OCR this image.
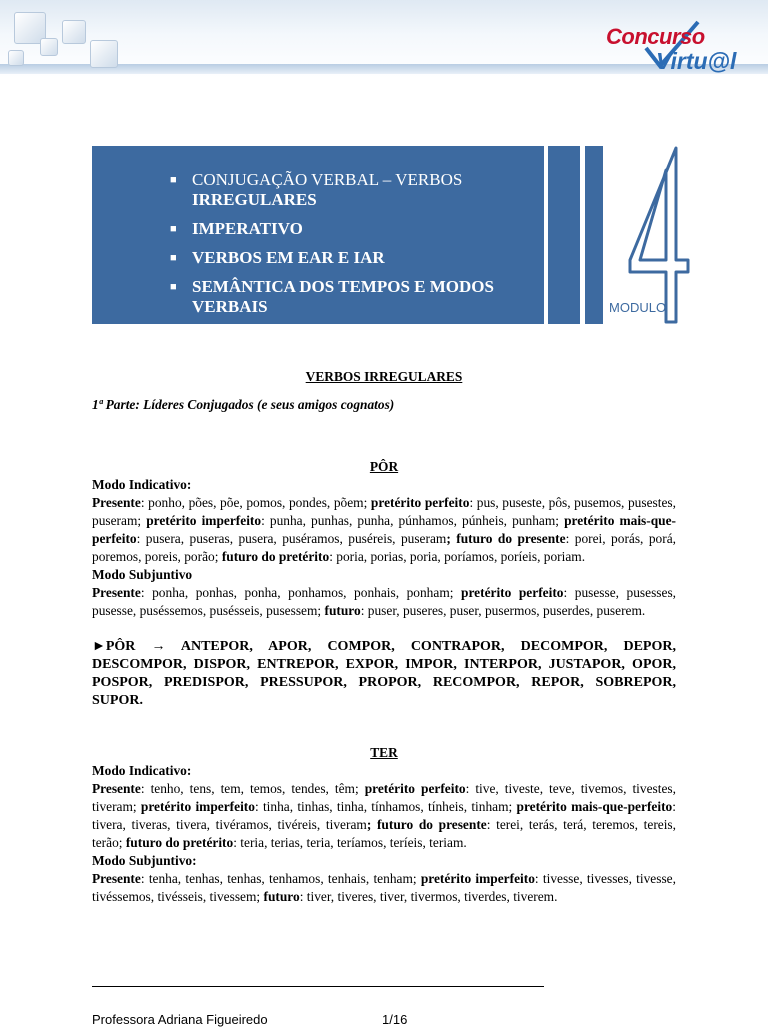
Concurso
Virtu@l
■ CONJUGAÇÃO VERBAL – VERBOS
IRREGULARES
■ IMPERATIVO
■ VERBOS EM EAR E IAR
■ SEMÂNTICA DOS TEMPOS E MODOS VERBAIS
4
MODULO

VERBOS IRREGULARES

1ª Parte: Líderes Conjugados (e seus amigos cognatos)

PÔR

Modo Indicativo:

Presente: ponho, pões, põe, pomos, pondes, põem; pretérito perfeito: pus, puseste, pôs, pusemos, pusestes, puseram; pretérito imperfeito: punha, punhas, punha, púnhamos, púnheis, punham; pretérito mais-que-perfeito: pusera, puseras, pusera, puséramos, puséreis, puseram; futuro do presente: porei, porás, porá, poremos, poreis, porão; futuro do pretérito: poria, porias, poria, poríamos, poríeis, poriam.

Modo Subjuntivo

Presente: ponha, ponhas, ponha, ponhamos, ponhais, ponham; pretérito perfeito: pusesse, pusesses, pusesse, puséssemos, pusésseis, pusessem; futuro: puser, puseres, puser, pusermos, puserdes, puserem.

►PÔR → ANTEPOR, APOR, COMPOR, CONTRAPOR, DECOMPOR, DEPOR, DESCOMPOR, DISPOR, ENTREPOR, EXPOR, IMPOR, INTERPOR, JUSTAPOR, OPOR, POSPOR, PREDISPOR, PRESSUPOR, PROPOR, RECOMPOR, REPOR, SOBREPOR, SUPOR.

TER

Modo Indicativo:

Presente: tenho, tens, tem, temos, tendes, têm; pretérito perfeito: tive, tiveste, teve, tivemos, tivestes, tiveram; pretérito imperfeito: tinha, tinhas, tinha, tínhamos, tínheis, tinham; pretérito mais-que-perfeito: tivera, tiveras, tivera, tivéramos, tivéreis, tiveram; futuro do presente: terei, terás, terá, teremos, tereis, terão; futuro do pretérito: teria, terias, teria, teríamos, teríeis, teriam.

Modo Subjuntivo:

Presente: tenha, tenhas, tenhas, tenhamos, tenhais, tenham; pretérito imperfeito: tivesse, tivesses, tivesse, tivéssemos, tivésseis, tivessem; futuro: tiver, tiveres, tiver, tivermos, tiverdes, tiverem.

Professora Adriana Figueiredo	1/16
